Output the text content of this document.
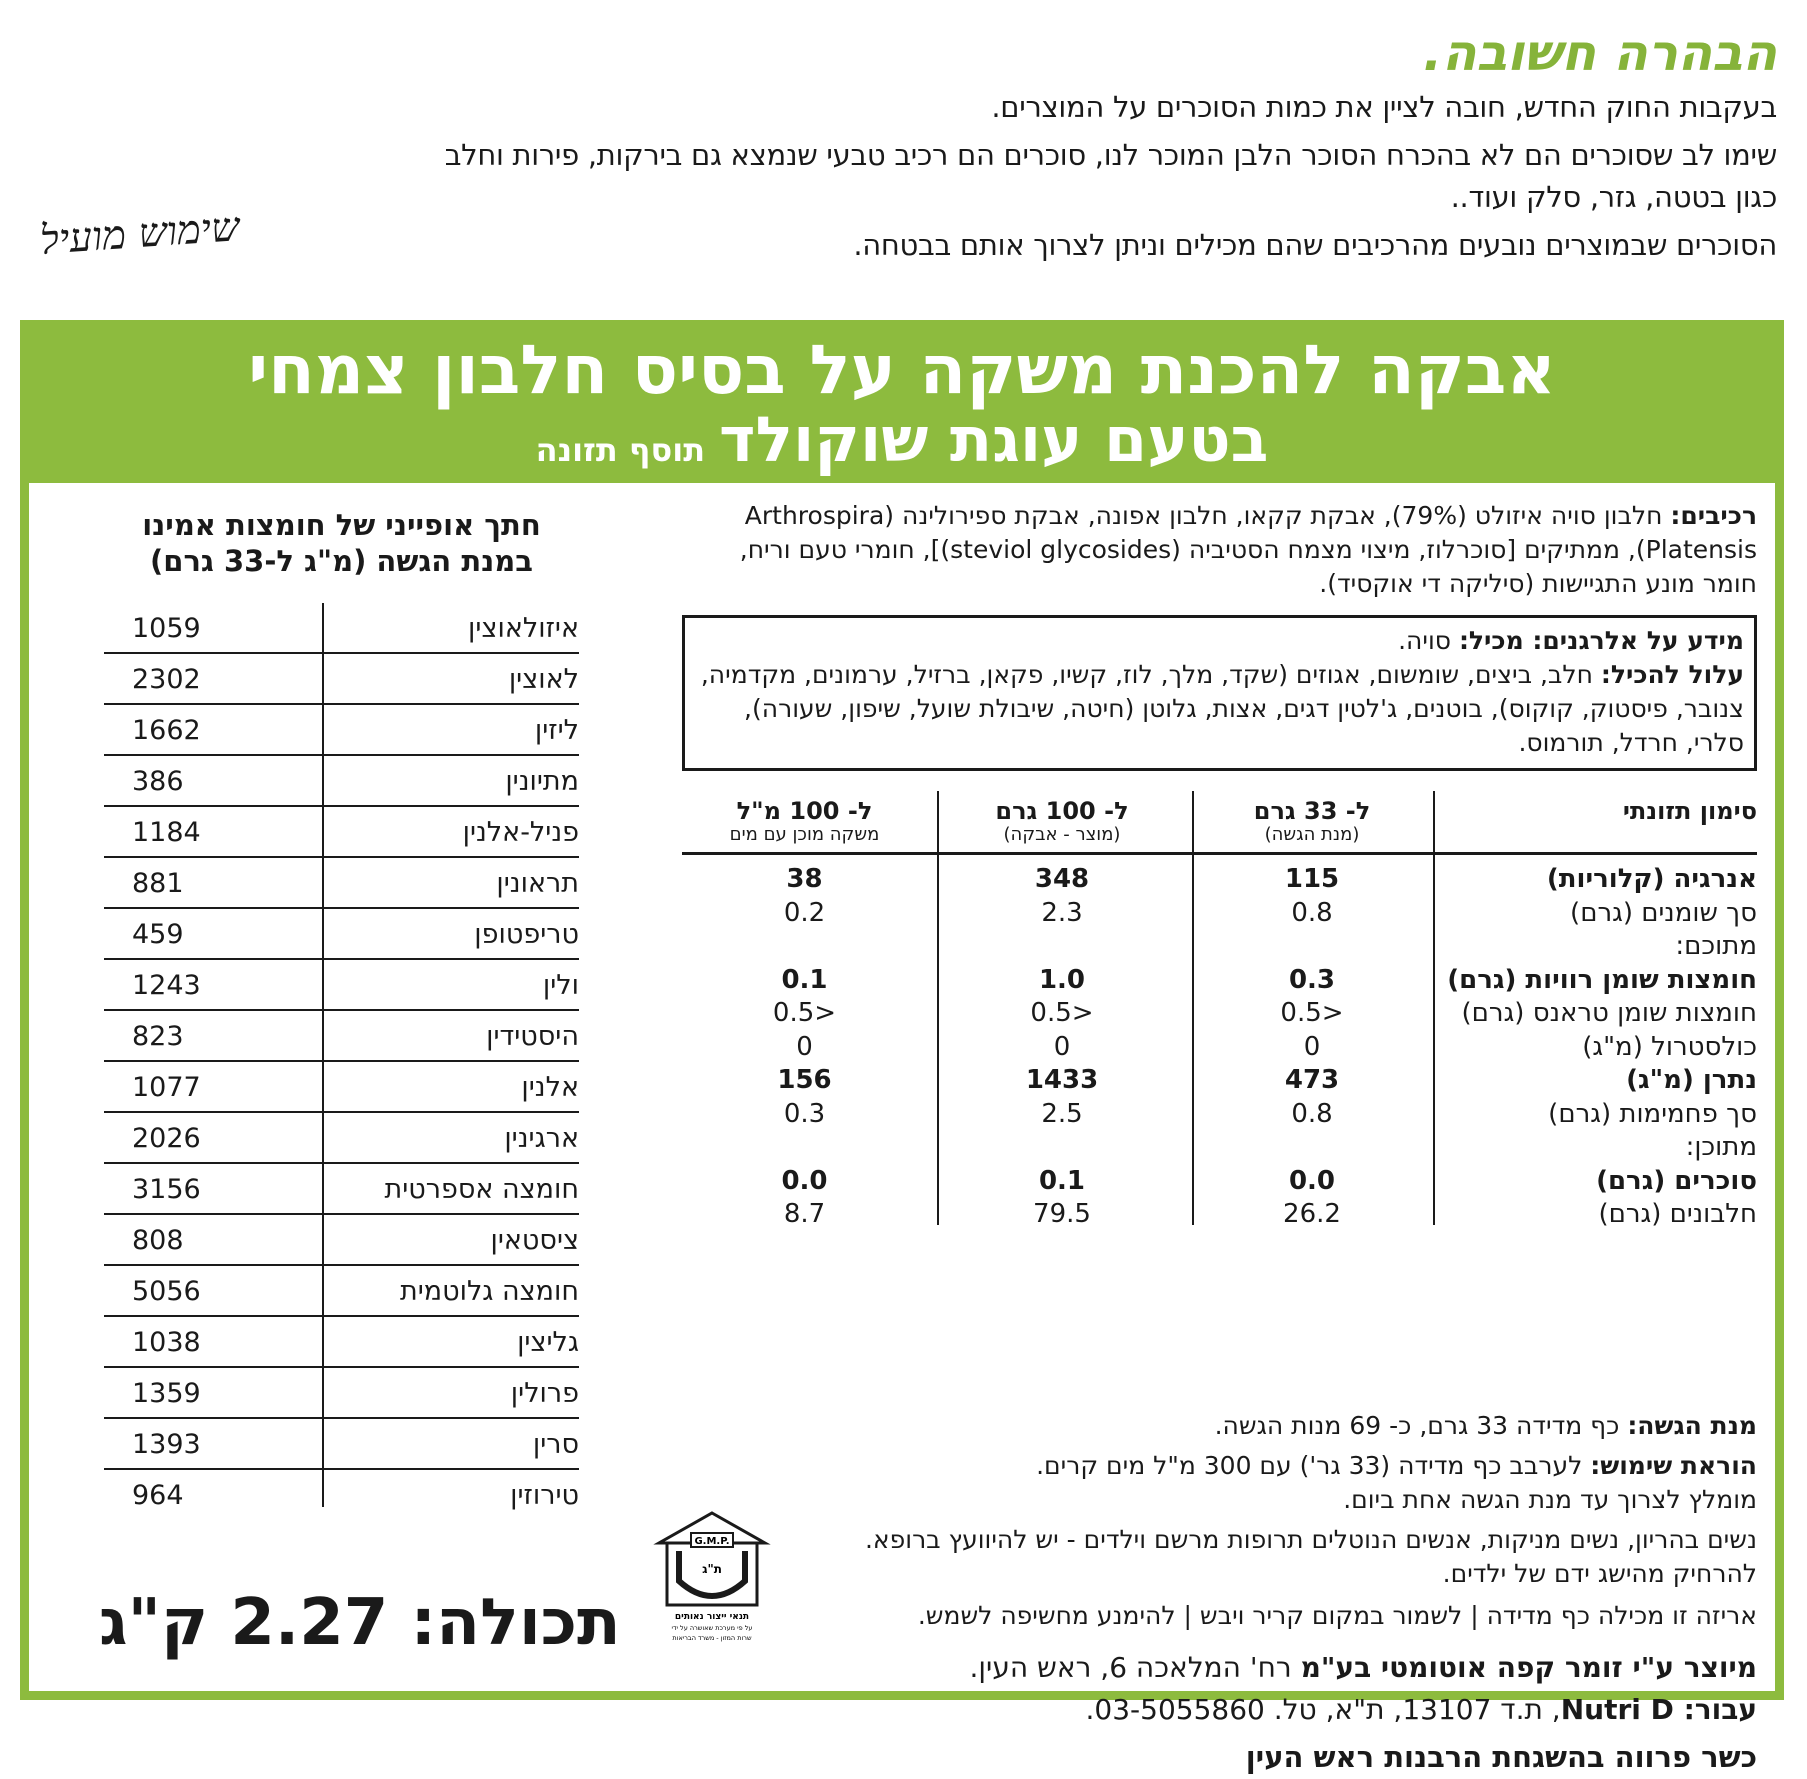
הבהרה חשובה.
בעקבות החוק החדש, חובה לציין את כמות הסוכרים על המוצרים.
שימו לב שסוכרים הם לא בהכרח הסוכר הלבן המוכר לנו, סוכרים הם רכיב טבעי שנמצא גם בירקות, פירות וחלב
כגון בטטה, גזר, סלק ועוד..
הסוכרים שבמוצרים נובעים מהרכיבים שהם מכילים וניתן לצרוך אותם בבטחה.
שימוש מועיל
אבקה להכנת משקה על בסיס חלבון צמחי
בטעם עוגת שוקולדתוסף תזונה
רכיבים: חלבון סויה איזולט (79%), אבקת קקאו, חלבון אפונה, אבקת ספירולינה (Arthrospira Platensis), ממתיקים [סוכרלוז, מיצוי מצמח הסטיביה (steviol glycosides)], חומרי טעם וריח, חומר מונע התגיישות (סיליקה די אוקסיד).
מידע על אלרגנים: מכיל: סויה.
עלול להכיל: חלב, ביצים, שומשום, אגוזים (שקד, מלך, לוז, קשיו, פקאן, ברזיל, ערמונים, מקדמיה, צנובר, פיסטוק, קוקוס), בוטנים, ג'לטין דגים, אצות, גלוטן (חיטה, שיבולת שועל, שיפון, שעורה), סלרי, חרדל, תורמוס.
סימון תזונתי
ל- 33 גרם
(מנת הגשה)
ל- 100 גרם
(מוצר - אבקה)
ל- 100 מ"ל
משקה מוכן עם מים
אנרגיה (קלוריות)
115
348
38
סך שומנים (גרם)
0.8
2.3
0.2
מתוכם:
חומצות שומן רוויות (גרם)
0.3
1.0
0.1
חומצות שומן טראנס (גרם)
<0.5
<0.5
<0.5
כולסטרול (מ"ג)
0
0
0
נתרן (מ"ג)
473
1433
156
סך פחמימות (גרם)
0.8
2.5
0.3
מתוכן:
סוכרים (גרם)
0.0
0.1
0.0
חלבונים (גרם)
26.2
79.5
8.7

מנת הגשה: כף מדידה 33 גרם, כ- 69 מנות הגשה.

הוראת שימוש: לערבב כף מדידה (33 גר') עם 300 מ"ל מים קרים.
מומלץ לצרוך עד מנת הגשה אחת ביום.

נשים בהריון, נשים מניקות, אנשים הנוטלים תרופות מרשם וילדים - יש להיוועץ ברופא.
להרחיק מהישג ידם של ילדים.

אריזה זו מכילה כף מדידה | לשמור במקום קריר ויבש | להימנע מחשיפה לשמש.

מיוצר ע"י זומר קפה אוטומטי בע"מ רח' המלאכה 6, ראש העין.
עבור: Nutri D, ת.ד 13107, ת"א, טל. 03-5055860.
כשר פרווה בהשגחת הרבנות ראש העין
G.M.P.
ת"ג
תנאי ייצור נאותים
על פי מערכת שאושרה על ידי
שרות המזון - משרד הבריאות
חתך אופייני של חומצות אמינו
במנת הגשה (מ"ג ל-33 גרם)
איזולאוצין
1059
לאוצין
2302
ליזין
1662
מתיונין
386
פניל-אלנין
1184
תראונין
881
טריפטופן
459
ולין
1243
היסטידין
823
אלנין
1077
ארגינין
2026
חומצה אספרטית
3156
ציסטאין
808
חומצה גלוטמית
5056
גליצין
1038
פרולין
1359
סרין
1393
טירוזין
964
תכולה: 2.27 ק"ג
